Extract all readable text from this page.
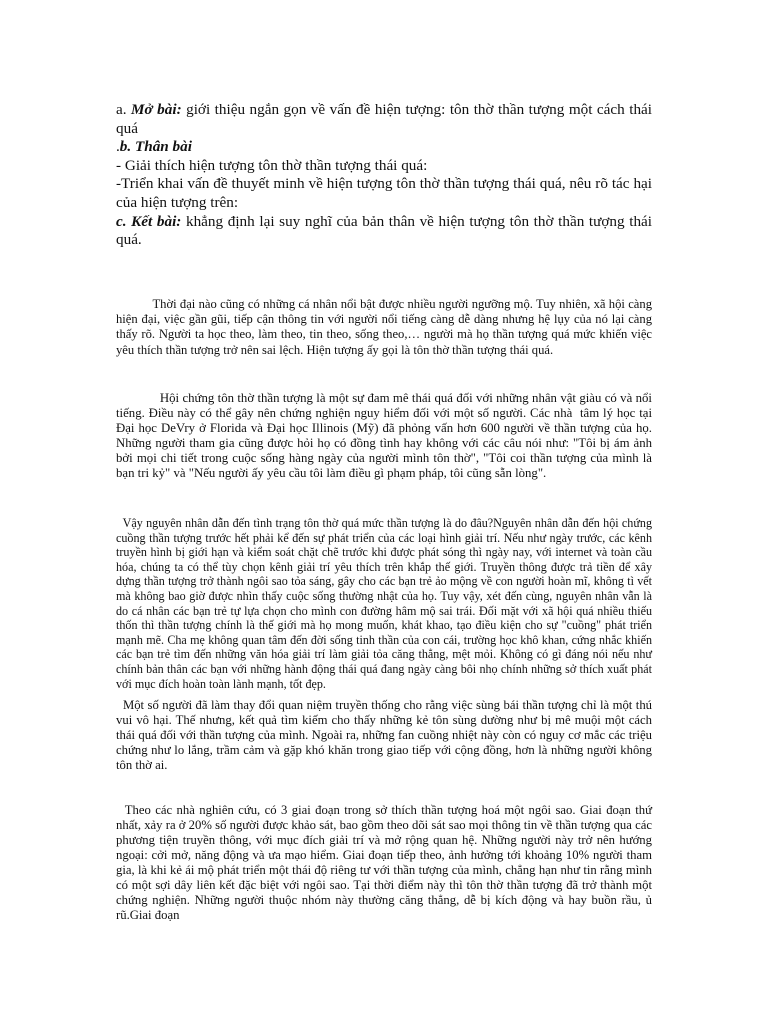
a. Mở bài: giới thiệu ngắn gọn về vấn đề hiện tượng: tôn thờ thần tượng một cách thái quá

.b. Thân bài

- Giải thích hiện tượng tôn thờ thần tượng thái quá:

-Triển khai vấn đề thuyết minh về hiện tượng tôn thờ thần tượng thái quá, nêu rõ tác hại của hiện tượng trên:

c. Kết bài: khẳng định lại suy nghĩ của bản thân về hiện tượng tôn thờ thần tượng thái quá.

Thời đại nào cũng có những cá nhân nổi bật được nhiều người ngưỡng mộ. Tuy nhiên, xã hội càng hiện đại, việc gần gũi, tiếp cận thông tin với người nổi tiếng càng dễ dàng nhưng hệ lụy của nó lại càng thấy rõ. Người ta học theo, làm theo, tin theo, sống theo,… người mà họ thần tượng quá mức khiến việc yêu thích thần tượng trở nên sai lệch. Hiện tượng ấy gọi là tôn thờ thần tượng thái quá.

Hội chứng tôn thờ thần tượng là một sự đam mê thái quá đối với những nhân vật giàu có và nổi tiếng. Điều này có thể gây nên chứng nghiện nguy hiểm đối với một số người. Các nhà  tâm lý học tại Đại học DeVry ở Florida và Đại học Illinois (Mỹ) đã phỏng vấn hơn 600 người về thần tượng của họ. Những người tham gia cũng được hỏi họ có đồng tình hay không với các câu nói như: "Tôi bị ám ảnh bởi mọi chi tiết trong cuộc sống hàng ngày của người mình tôn thờ", "Tôi coi thần tượng của mình là bạn tri kỷ" và "Nếu người ấy yêu cầu tôi làm điều gì phạm pháp, tôi cũng sẵn lòng".

Vậy nguyên nhân dẫn đến tình trạng tôn thờ quá mức thần tượng là do đâu?Nguyên nhân dẫn đến hội chứng cuồng thần tượng trước hết phải kể đến sự phát triển của các loại hình giải trí. Nếu như ngày trước, các kênh truyền hình bị giới hạn và kiểm soát chặt chẽ trước khi được phát sóng thì ngày nay, với internet và toàn cầu hóa, chúng ta có thể tùy chọn kênh giải trí yêu thích trên khắp thế giới. Truyền thông được trả tiền để xây dựng thần tượng trở thành ngôi sao tỏa sáng, gây cho các bạn trẻ ảo mộng về con người hoàn mĩ, không tì vết mà không bao giờ được nhìn thấy cuộc sống thường nhật của họ. Tuy vậy, xét đến cùng, nguyên nhân vẫn là do cá nhân các bạn trẻ tự lựa chọn cho mình con đường hâm mộ sai trái. Đối mặt với xã hội quá nhiều thiếu thốn thì thần tượng chính là thế giới mà họ mong muốn, khát khao, tạo điều kiện cho sự "cuồng" phát triển mạnh mẽ. Cha mẹ không quan tâm đến đời sống tinh thần của con cái, trường học khô khan, cứng nhắc khiến các bạn trẻ tìm đến những văn hóa giải trí làm giải tỏa căng thẳng, mệt mỏi. Không có gì đáng nói nếu như chính bản thân các bạn với những hành động thái quá đang ngày càng bôi nhọ chính những sở thích xuất phát với mục đích hoàn toàn lành mạnh, tốt đẹp.

Một số người đã làm thay đổi quan niệm truyền thống cho rằng việc sùng bái thần tượng chỉ là một thú vui vô hại. Thế nhưng, kết quả tìm kiếm cho thấy những kẻ tôn sùng dường như bị mê muội một cách thái quá đối với thần tượng của mình. Ngoài ra, những fan cuồng nhiệt này còn có nguy cơ mắc các triệu chứng như lo lắng, trầm cảm và gặp khó khăn trong giao tiếp với cộng đồng, hơn là những người không tôn thờ ai.

Theo các nhà nghiên cứu, có 3 giai đoạn trong sở thích thần tượng hoá một ngôi sao. Giai đoạn thứ nhất, xảy ra ở 20% số người được khảo sát, bao gồm theo dõi sát sao mọi thông tin về thần tượng qua các phương tiện truyền thông, với mục đích giải trí và mở rộng quan hệ. Những người này trở nên hướng ngoại: cởi mở, năng động và ưa mạo hiểm. Giai đoạn tiếp theo, ảnh hưởng tới khoảng 10% người tham gia, là khi kẻ ái mộ phát triển một thái độ riêng tư với thần tượng của mình, chẳng hạn như tin rằng mình có một sợi dây liên kết đặc biệt với ngôi sao. Tại thời điểm này thì tôn thờ thần tượng đã trở thành một chứng nghiện. Những người thuộc nhóm này thường căng thẳng, dễ bị kích động và hay buồn rầu, ủ rũ.Giai đoạn
